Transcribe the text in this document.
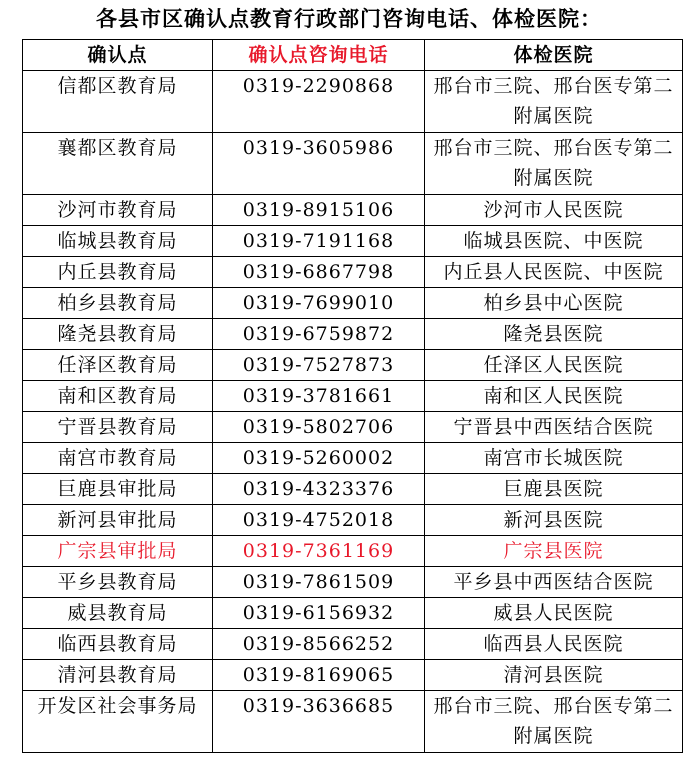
各县市区确认点教育行政部门咨询电话、体检医院：
确认点	确认点咨询电话	体检医院
信都区教育局	0319-2290868	邢台市三院、邢台医专第二附属医院
襄都区教育局	0319-3605986	邢台市三院、邢台医专第二附属医院
沙河市教育局	0319-8915106	沙河市人民医院
临城县教育局	0319-7191168	临城县医院、中医院
内丘县教育局	0319-6867798	内丘县人民医院、中医院
柏乡县教育局	0319-7699010	柏乡县中心医院
隆尧县教育局	0319-6759872	隆尧县医院
任泽区教育局	0319-7527873	任泽区人民医院
南和区教育局	0319-3781661	南和区人民医院
宁晋县教育局	0319-5802706	宁晋县中西医结合医院
南宫市教育局	0319-5260002	南宫市长城医院
巨鹿县审批局	0319-4323376	巨鹿县医院
新河县审批局	0319-4752018	新河县医院
广宗县审批局	0319-7361169	广宗县医院
平乡县教育局	0319-7861509	平乡县中西医结合医院
威县教育局	0319-6156932	威县人民医院
临西县教育局	0319-8566252	临西县人民医院
清河县教育局	0319-8169065	清河县医院
开发区社会事务局	0319-3636685	邢台市三院、邢台医专第二附属医院
